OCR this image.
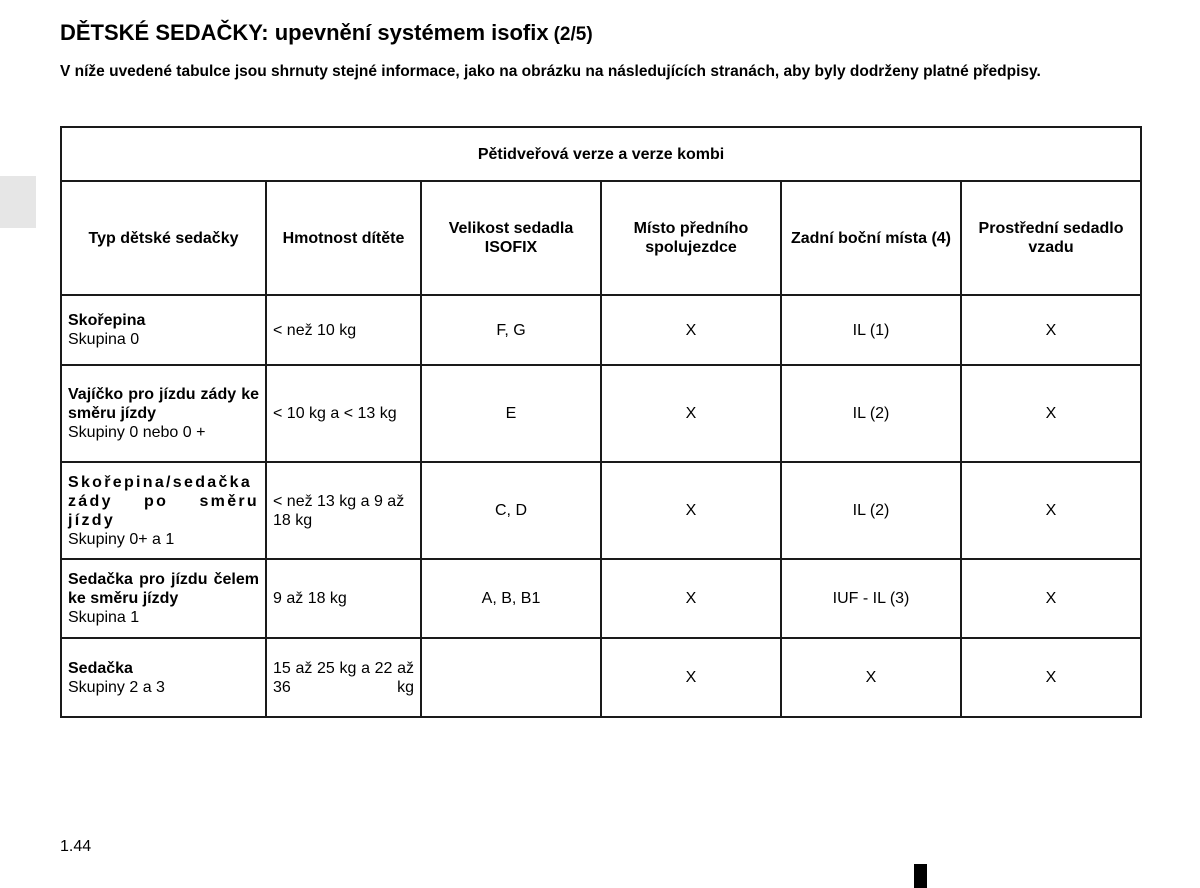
DĚTSKÉ SEDAČKY: upevnění systémem isofix (2/5)

V níže uvedené tabulce jsou shrnuty stejné informace, jako na obrázku na následujících stranách, aby byly dodrženy platné předpisy.

Pětidveřová verze a verze kombi					
Typ dětské sedačky	Hmotnost dítěte	Velikost sedadla ISOFIX	Místo předního spolujezdce	Zadní boční místa (4)	Prostřední sedadlo vzadu

Skořepina
Skupina 0	< než 10 kg	F, G	X	IL (1)	X

Vajíčko pro jízdu zády ke směru jízdy
Skupiny 0 nebo 0 +	< 10 kg a < 13 kg	E	X	IL (2)	X

Skořepina/sedačka zády po směru jízdy
Skupiny 0+ a 1	< než 13 kg a 9 až 18 kg	C, D	X	IL (2)	X

Sedačka pro jízdu čelem ke směru jízdy
Skupina 1	9 až 18 kg	A, B, B1	X	IUF - IL (3)	X

Sedačka
Skupiny 2 a 3	15 až 25 kg a 22 až 36 kg		X	X	X
1.44
